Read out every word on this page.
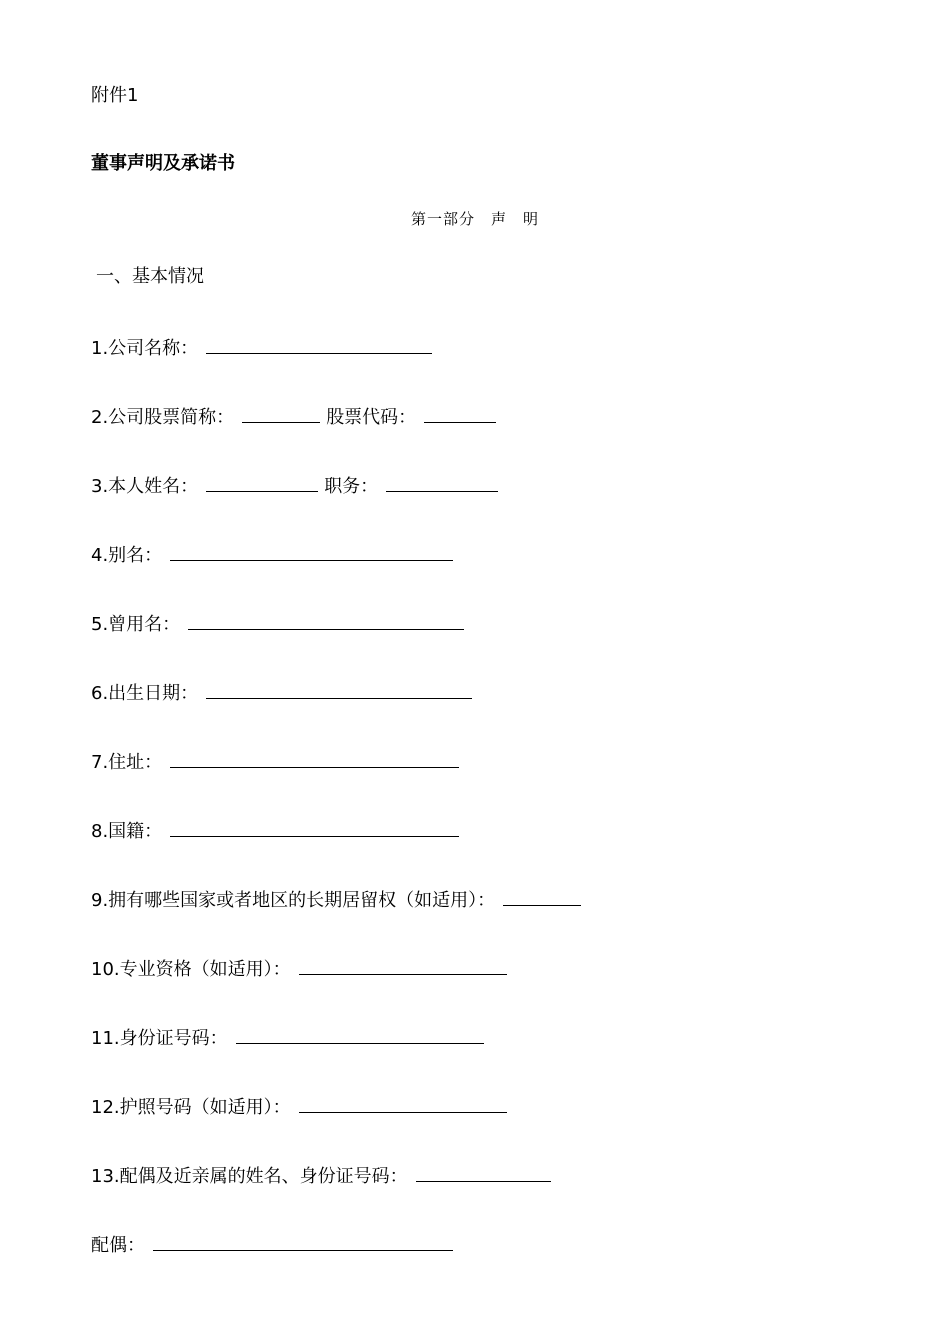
附件1
董事声明及承诺书
第一部分　声　明
一、基本情况
1.公司名称：
2.公司股票简称：	股票代码：
3.本人姓名：	职务：
4.别名：
5.曾用名：
6.出生日期：
7.住址：
8.国籍：
9.拥有哪些国家或者地区的长期居留权（如适用）：
10.专业资格（如适用）：
11.身份证号码：
12.护照号码（如适用）：
13.配偶及近亲属的姓名、身份证号码：
配偶：
